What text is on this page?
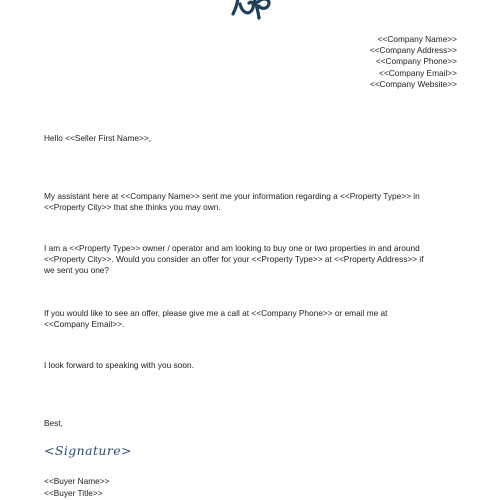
<<Company Name>>
<<Company Address>>
<<Company Phone>>
<<Company Email>>
<<Company Website>>

Hello <<Seller First Name>>,

My assistant here at <<Company Name>> sent me your information regarding a <<Property Type>> in
<<Property City>> that she thinks you may own.

I am a <<Property Type>> owner / operator and am looking to buy one or two properties in and around
<<Property City>>. Would you consider an offer for your <<Property Type>> at <<Property Address>> if
we sent you one?

If you would like to see an offer, please give me a call at <<Company Phone>> or email me at
<<Company Email>>.

I look forward to speaking with you soon.

Best,

<Signature>

<<Buyer Name>>

<<Buyer Title>>
